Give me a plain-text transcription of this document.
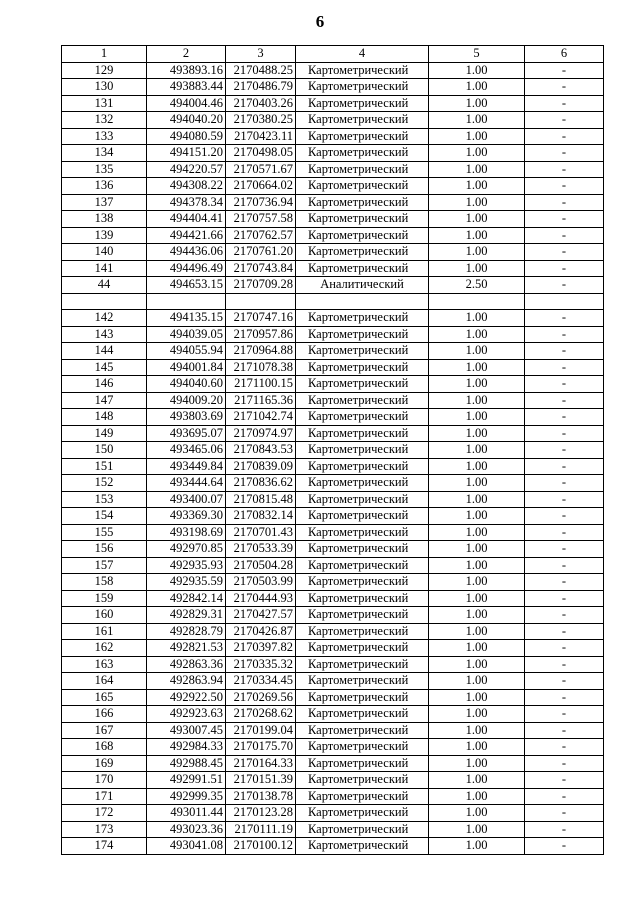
6
1	2	3	4	5	6
129	493893.16	2170488.25	Картометрический	1.00	-
130	493883.44	2170486.79	Картометрический	1.00	-
131	494004.46	2170403.26	Картометрический	1.00	-
132	494040.20	2170380.25	Картометрический	1.00	-
133	494080.59	2170423.11	Картометрический	1.00	-
134	494151.20	2170498.05	Картометрический	1.00	-
135	494220.57	2170571.67	Картометрический	1.00	-
136	494308.22	2170664.02	Картометрический	1.00	-
137	494378.34	2170736.94	Картометрический	1.00	-
138	494404.41	2170757.58	Картометрический	1.00	-
139	494421.66	2170762.57	Картометрический	1.00	-
140	494436.06	2170761.20	Картометрический	1.00	-
141	494496.49	2170743.84	Картометрический	1.00	-
44	494653.15	2170709.28	Аналитический	2.50	-

142	494135.15	2170747.16	Картометрический	1.00	-
143	494039.05	2170957.86	Картометрический	1.00	-
144	494055.94	2170964.88	Картометрический	1.00	-
145	494001.84	2171078.38	Картометрический	1.00	-
146	494040.60	2171100.15	Картометрический	1.00	-
147	494009.20	2171165.36	Картометрический	1.00	-
148	493803.69	2171042.74	Картометрический	1.00	-
149	493695.07	2170974.97	Картометрический	1.00	-
150	493465.06	2170843.53	Картометрический	1.00	-
151	493449.84	2170839.09	Картометрический	1.00	-
152	493444.64	2170836.62	Картометрический	1.00	-
153	493400.07	2170815.48	Картометрический	1.00	-
154	493369.30	2170832.14	Картометрический	1.00	-
155	493198.69	2170701.43	Картометрический	1.00	-
156	492970.85	2170533.39	Картометрический	1.00	-
157	492935.93	2170504.28	Картометрический	1.00	-
158	492935.59	2170503.99	Картометрический	1.00	-
159	492842.14	2170444.93	Картометрический	1.00	-
160	492829.31	2170427.57	Картометрический	1.00	-
161	492828.79	2170426.87	Картометрический	1.00	-
162	492821.53	2170397.82	Картометрический	1.00	-
163	492863.36	2170335.32	Картометрический	1.00	-
164	492863.94	2170334.45	Картометрический	1.00	-
165	492922.50	2170269.56	Картометрический	1.00	-
166	492923.63	2170268.62	Картометрический	1.00	-
167	493007.45	2170199.04	Картометрический	1.00	-
168	492984.33	2170175.70	Картометрический	1.00	-
169	492988.45	2170164.33	Картометрический	1.00	-
170	492991.51	2170151.39	Картометрический	1.00	-
171	492999.35	2170138.78	Картометрический	1.00	-
172	493011.44	2170123.28	Картометрический	1.00	-
173	493023.36	2170111.19	Картометрический	1.00	-
174	493041.08	2170100.12	Картометрический	1.00	-
